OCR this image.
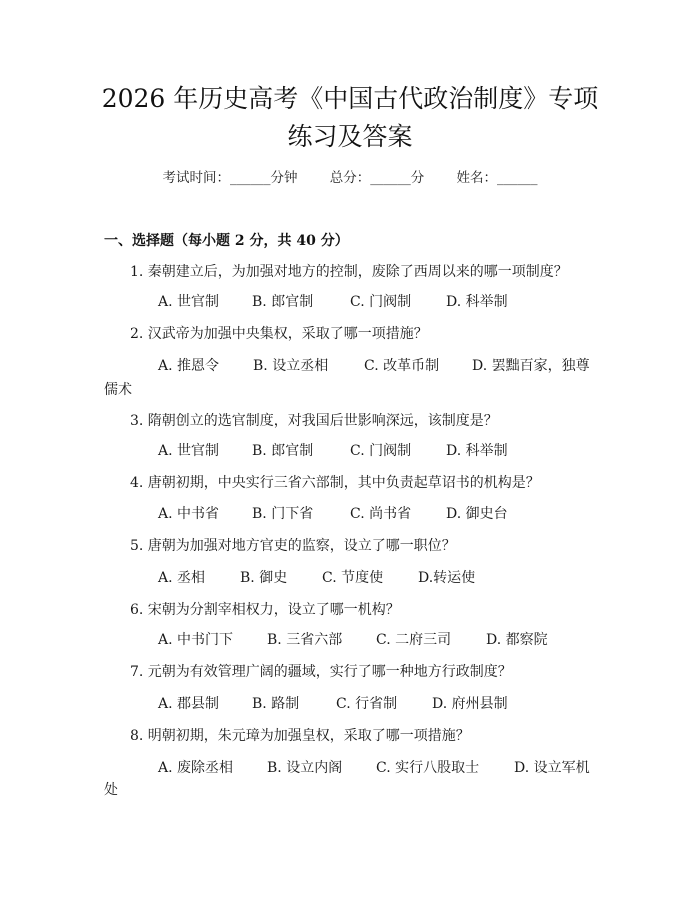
2026 年历史高考《中国古代政治制度》专项
练习及答案
考试时间：______分钟 总分：______分 姓名：______
一、选择题（每小题 2 分，共 40 分）
1. 秦朝建立后，为加强对地方的控制，废除了西周以来的哪一项制度？
A. 世官制 B. 郎官制	C. 门阀制 D. 科举制
2. 汉武帝为加强中央集权，采取了哪一项措施？
A. 推恩令 B. 设立丞相	C. 改革币制 D. 罢黜百家，独尊
儒术
3. 隋朝创立的选官制度，对我国后世影响深远，该制度是？
A. 世官制 B. 郎官制	C. 门阀制 D. 科举制
4. 唐朝初期，中央实行三省六部制，其中负责起草诏书的机构是？
A. 中书省 B. 门下省	C. 尚书省 D. 御史台
5. 唐朝为加强对地方官吏的监察，设立了哪一职位？
A. 丞相 B. 御史 C. 节度使 D.转运使
6. 宋朝为分割宰相权力，设立了哪一机构？
A. 中书门下 B. 三省六部 C. 二府三司 D. 都察院
7. 元朝为有效管理广阔的疆域，实行了哪一种地方行政制度？
A. 郡县制 B. 路制	C. 行省制 D. 府州县制
8. 明朝初期，朱元璋为加强皇权，采取了哪一项措施？
A. 废除丞相 B. 设立内阁 C. 实行八股取士 D. 设立军机
处
